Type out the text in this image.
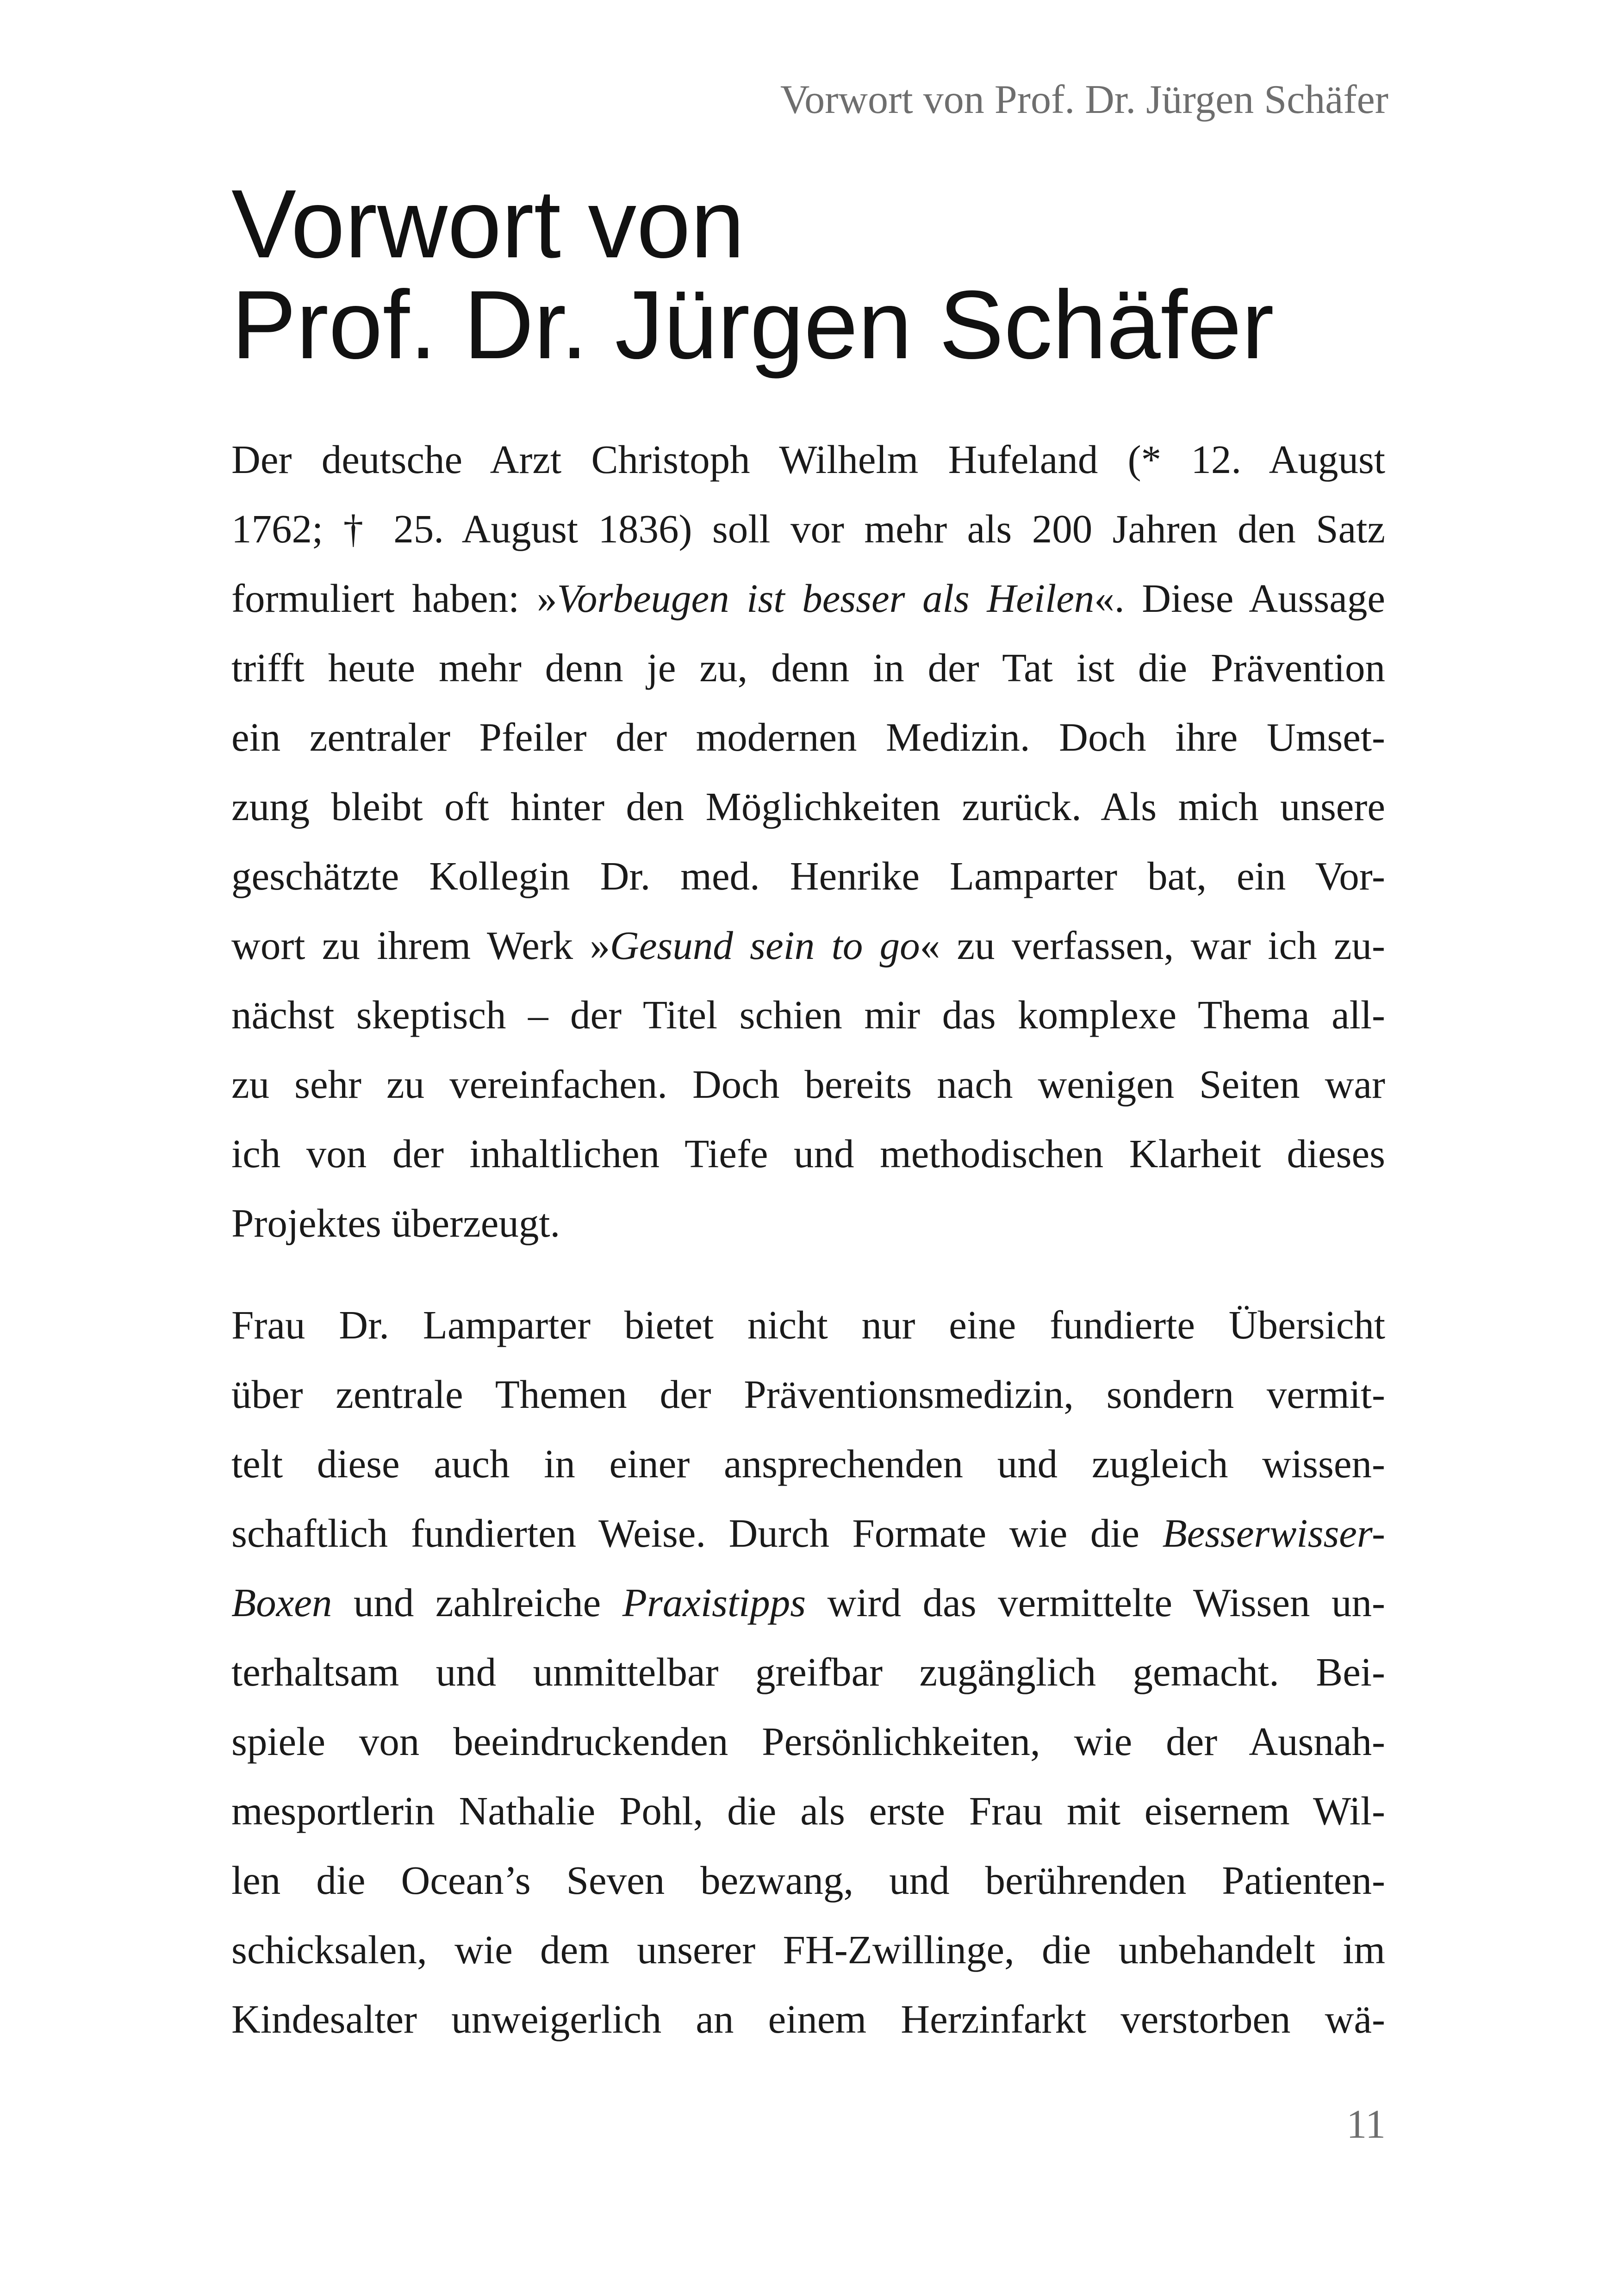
Vorwort von Prof. Dr. Jürgen Schäfer

Vorwort von
Prof. Dr. Jürgen Schäfer

Der deutsche Arzt Christoph Wilhelm Hufeland (* 12. August
1762; † 25. August 1836) soll vor mehr als 200 Jahren den Satz
formuliert haben: »Vorbeugen ist besser als Heilen«. Diese Aussage
trifft heute mehr denn je zu, denn in der Tat ist die Prävention
ein zentraler Pfeiler der modernen Medizin. Doch ihre Umset-
zung bleibt oft hinter den Möglichkeiten zurück. Als mich unsere
geschätzte Kollegin Dr. med. Henrike Lamparter bat, ein Vor-
wort zu ihrem Werk »Gesund sein to go« zu verfassen, war ich zu-
nächst skeptisch – der Titel schien mir das komplexe Thema all-
zu sehr zu vereinfachen. Doch bereits nach wenigen Seiten war
ich von der inhaltlichen Tiefe und methodischen Klarheit dieses
Projektes überzeugt.

Frau Dr. Lamparter bietet nicht nur eine fundierte Übersicht
über zentrale Themen der Präventionsmedizin, sondern vermit-
telt diese auch in einer ansprechenden und zugleich wissen-
schaftlich fundierten Weise. Durch Formate wie die Besserwisser-
Boxen und zahlreiche Praxistipps wird das vermittelte Wissen un-
terhaltsam und unmittelbar greifbar zugänglich gemacht. Bei-
spiele von beeindruckenden Persönlichkeiten, wie der Ausnah-
mesportlerin Nathalie Pohl, die als erste Frau mit eisernem Wil-
len die Ocean’s Seven bezwang, und berührenden Patienten-
schicksalen, wie dem unserer FH-Zwillinge, die unbehandelt im
Kindesalter unweigerlich an einem Herzinfarkt verstorben wä-

11
